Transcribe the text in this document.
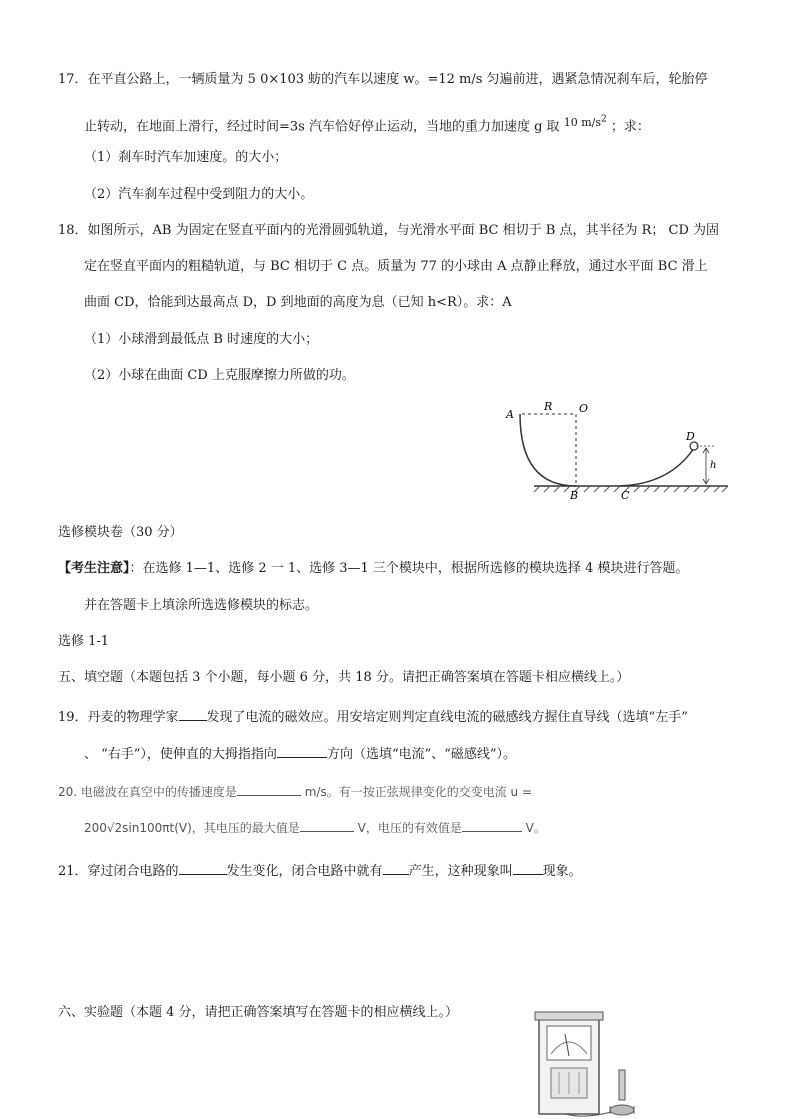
17．在平直公路上，一辆质量为 5 0×103 蚄的汽车以速度 w。=12 m/s 匀遍前进，遇紧急情况刹车后，轮胎停
止转动，在地面上滑行，经过时间=3s 汽车恰好停止运动，当地的重力加速度 g 取 $^{10 m/s^2}$ ；求：
（1）刹车时汽车加速度。的大小；
（2）汽车刹车过程中受到阻力的大小。
18．如图所示，AB 为固定在竖直平面内的光滑圆弧轨道，与光滑水平面 BC 相切于 B 点，其半径为 R； CD 为固
定在竖直平面内的粗糙轨道，与 BC 相切于 C 点。质量为 77 的小球由 A 点静止释放，通过水平面 BC 滑上
曲面 CD，恰能到达最高点 D，D 到地面的高度为息（已知 h<R）。求：A
（1）小球滑到最低点 B 时速度的大小；
（2）小球在曲面 CD 上克服摩擦力所做的功。
A
R O
D
h
B	C
选修模块卷（30 分）
【考生注意】：在选修 1—1、选修 2 一 1、选修 3—1 三个模块中，根据所选修的模块选择 4 模块进行答题。
并在答题卡上填涂所选选修模块的标志。
选修 1-1
五、填空题（本题包括 3 个小题，每小题 6 分，共 18 分。请把正确答案填在答题卡相应横线上。）
19．丹麦的物理学家 发现了电流的磁效应。用安培定则判定直线电流的磁感线方握住直导线（选填“左手”
、 “右手”），使伸直的大拇指指向	方向（选填“电流”、“磁感线”）。
20. 电磁波在真空中的传播速度是	m/s。有一按正弦规律变化的交变电流 u =
200√2sin100πt(V)，其电压的最大值是	V，电压的有效值是	V。
21．穿过闭合电路的	发生变化，闭合电路中就有 产生，这种现象叫 现象。
六、实验题（本题 4 分，请把正确答案填写在答题卡的相应横线上。）
